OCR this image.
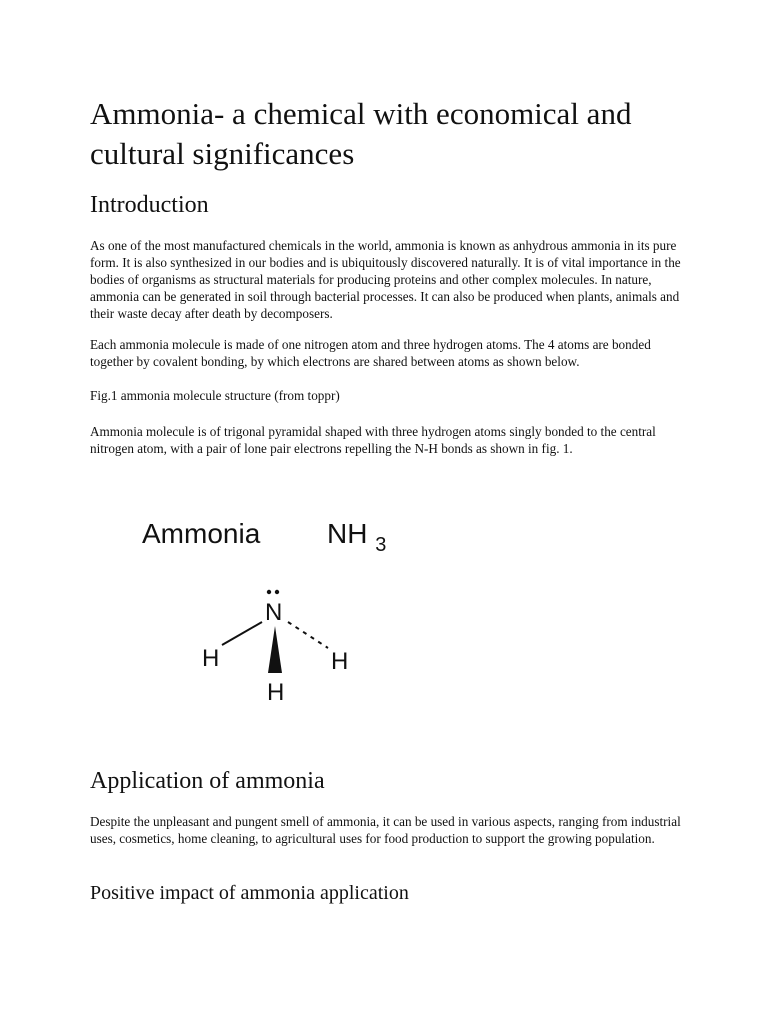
Ammonia- a chemical with economical and cultural significances
Introduction

As one of the most manufactured chemicals in the world, ammonia is known as anhydrous ammonia in its pure form. It is also synthesized in our bodies and is ubiquitously discovered naturally. It is of vital importance in the bodies of organisms as structural materials for producing proteins and other complex molecules. In nature, ammonia can be generated in soil through bacterial processes. It can also be produced when plants, animals and their waste decay after death by decomposers.

Each ammonia molecule is made of one nitrogen atom and three hydrogen atoms. The 4 atoms are bonded together by covalent bonding, by which electrons are shared between atoms as shown below.

Fig.1 ammonia molecule structure (from toppr)

Ammonia molecule is of trigonal pyramidal shaped with three hydrogen atoms singly bonded to the central nitrogen atom, with a pair of lone pair electrons repelling the N-H bonds as shown in fig. 1.

Ammonia NH $_3$
N
H	H
H
Application of ammonia

Despite the unpleasant and pungent smell of ammonia, it can be used in various aspects, ranging from industrial uses, cosmetics, home cleaning, to agricultural uses for food production to support the growing population.

Positive impact of ammonia application
